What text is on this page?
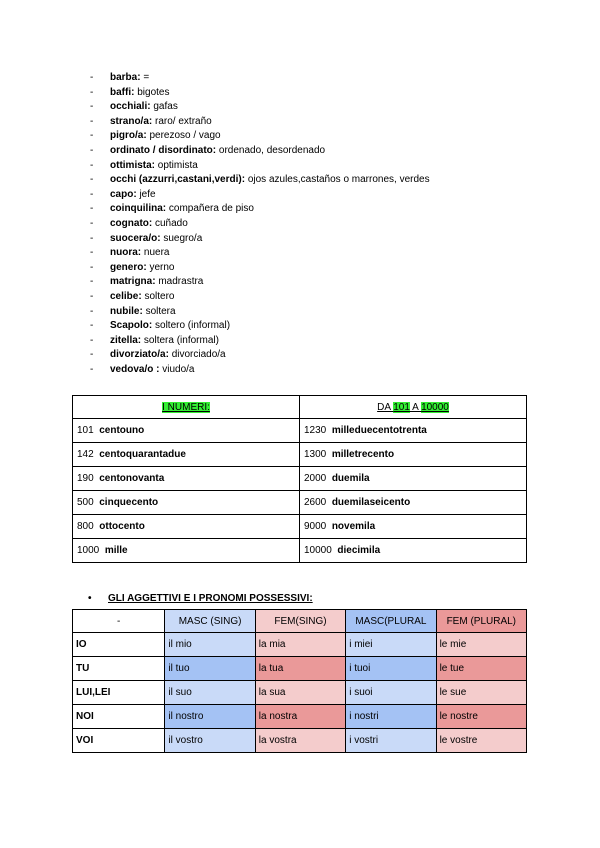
- barba: =
- baffi: bigotes
- occhiali: gafas
- strano/a: raro/ extraño
- pigro/a: perezoso / vago
- ordinato / disordinato: ordenado, desordenado
- ottimista: optimista
- occhi (azzurri,castani,verdi): ojos azules,castaños o marrones, verdes
- capo: jefe
- coinquilina: compañera de piso
- cognato: cuñado
- suocera/o: suegro/a
- nuora: nuera
- genero: yerno
- matrigna: madrastra
- celibe: soltero
- nubile: soltera
- Scapolo: soltero (informal)
- zitella: soltera (informal)
- divorziato/a: divorciado/a
- vedova/o : viudo/a
I NUMERI:	DA 101 A 10000
101 centouno	1230 milleduecentotrenta
142 centoquarantadue	1300 milletrecento
190 centonovanta	2000 duemila
500 cinquecento	2600 duemilaseicento
800 ottocento	9000 novemila
1000 mille	10000 diecimila
• GLI AGGETTIVI E I PRONOMI POSSESSIVI:
-	MASC (SING)	FEM(SING)	MASC(PLURAL	FEM (PLURAL)
IO	il mio	la mia	i miei	le mie
TU	il tuo	la tua	i tuoi	le tue
LUI,LEI	il suo	la sua	i suoi	le sue
NOI	il nostro	la nostra	i nostri	le nostre
VOI	il vostro	la vostra	i vostri	le vostre
